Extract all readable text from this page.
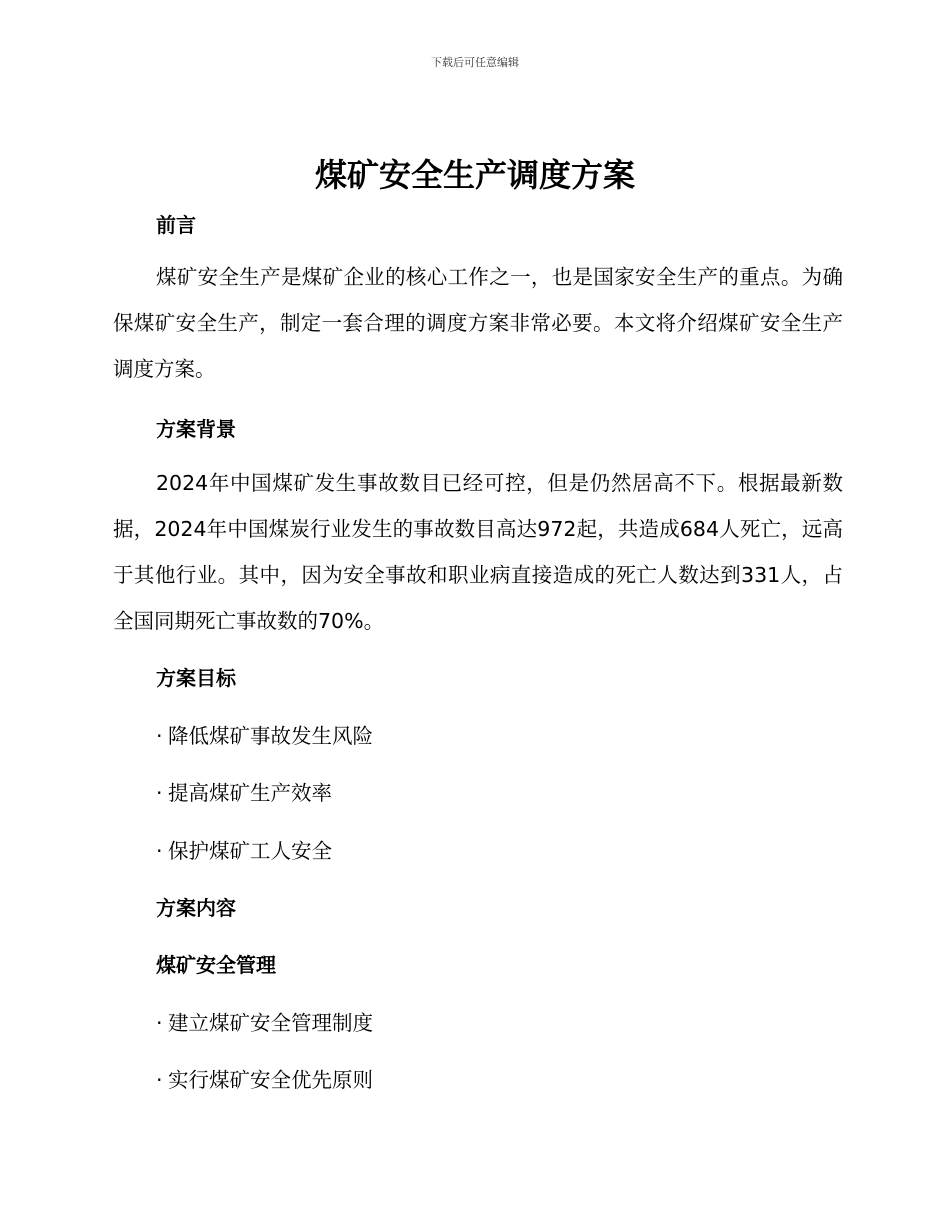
下载后可任意编辑
煤矿安全生产调度方案
前言

煤矿安全生产是煤矿企业的核心工作之一，也是国家安全生产的重点。为确保煤矿安全生产，制定一套合理的调度方案非常必要。本文将介绍煤矿安全生产调度方案。

方案背景

2024年中国煤矿发生事故数目已经可控，但是仍然居高不下。根据最新数据，2024年中国煤炭行业发生的事故数目高达972起，共造成684人死亡，远高于其他行业。其中，因为安全事故和职业病直接造成的死亡人数达到331人，占全国同期死亡事故数的70%。

方案目标
· 降低煤矿事故发生风险
· 提高煤矿生产效率
· 保护煤矿工人安全
方案内容
煤矿安全管理
· 建立煤矿安全管理制度
· 实行煤矿安全优先原则
